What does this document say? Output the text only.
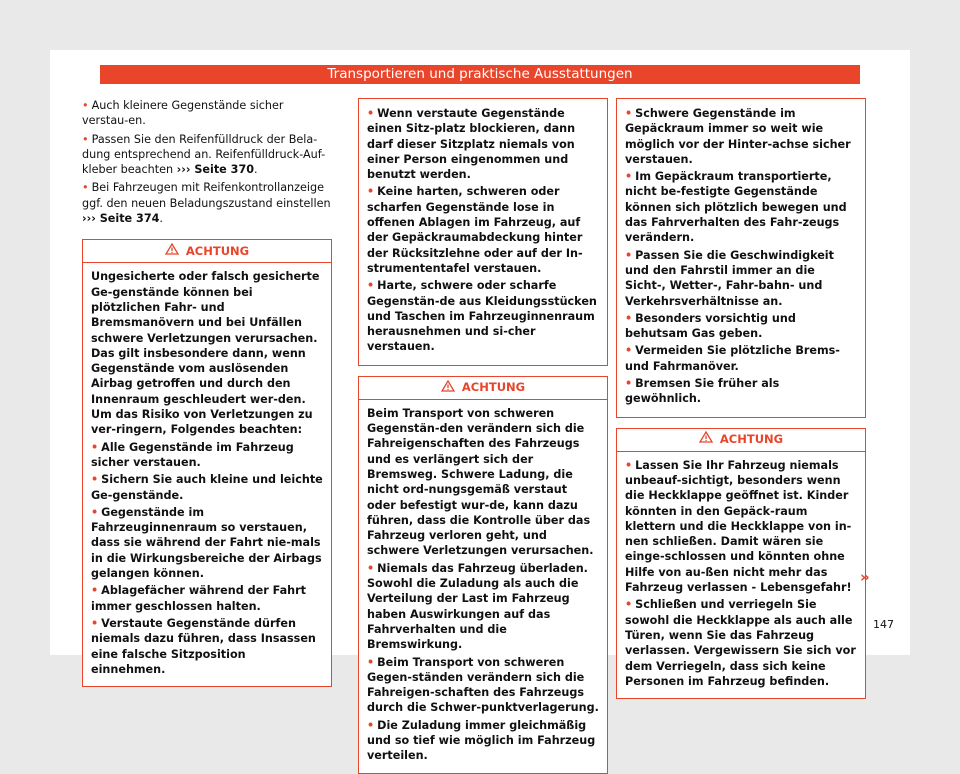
Transportieren und praktische Ausstattungen

• Auch kleinere Gegenstände sicher verstau-en.

• Passen Sie den Reifenfülldruck der Bela-dung entsprechend an. Reifenfülldruck-Auf-kleber beachten ››› Seite 370.

• Bei Fahrzeugen mit Reifenkontrollanzeige ggf. den neuen Beladungszustand einstellen ››› Seite 374.

ACHTUNG

Ungesicherte oder falsch gesicherte Ge-genstände können bei plötzlichen Fahr- und Bremsmanövern und bei Unfällen schwere Verletzungen verursachen. Das gilt insbesondere dann, wenn Gegenstände vom auslösenden Airbag getroffen und durch den Innenraum geschleudert wer-den. Um das Risiko von Verletzungen zu ver-ringern, Folgendes beachten:

• Alle Gegenstände im Fahrzeug sicher verstauen.

• Sichern Sie auch kleine und leichte Ge-genstände.

• Gegenstände im Fahrzeuginnenraum so verstauen, dass sie während der Fahrt nie-mals in die Wirkungsbereiche der Airbags gelangen können.

• Ablagefächer während der Fahrt immer geschlossen halten.

• Verstaute Gegenstände dürfen niemals dazu führen, dass Insassen eine falsche Sitzposition einnehmen.

• Wenn verstaute Gegenstände einen Sitz-platz blockieren, dann darf dieser Sitzplatz niemals von einer Person eingenommen und benutzt werden.

• Keine harten, schweren oder scharfen Gegenstände lose in offenen Ablagen im Fahrzeug, auf der Gepäckraumabdeckung hinter der Rücksitzlehne oder auf der In-strumententafel verstauen.

• Harte, schwere oder scharfe Gegenstän-de aus Kleidungsstücken und Taschen im Fahrzeuginnenraum herausnehmen und si-cher verstauen.

ACHTUNG

Beim Transport von schweren Gegenstän-den verändern sich die Fahreigenschaften des Fahrzeugs und es verlängert sich der Bremsweg. Schwere Ladung, die nicht ord-nungsgemäß verstaut oder befestigt wur-de, kann dazu führen, dass die Kontrolle über das Fahrzeug verloren geht, und schwere Verletzungen verursachen.

• Niemals das Fahrzeug überladen. Sowohl die Zuladung als auch die Verteilung der Last im Fahrzeug haben Auswirkungen auf das Fahrverhalten und die Bremswirkung.

• Beim Transport von schweren Gegen-ständen verändern sich die Fahreigen-schaften des Fahrzeugs durch die Schwer-punktverlagerung.

• Die Zuladung immer gleichmäßig und so tief wie möglich im Fahrzeug verteilen.

• Schwere Gegenstände im Gepäckraum immer so weit wie möglich vor der Hinter-achse sicher verstauen.

• Im Gepäckraum transportierte, nicht be-festigte Gegenstände können sich plötzlich bewegen und das Fahrverhalten des Fahr-zeugs verändern.

• Passen Sie die Geschwindigkeit und den Fahrstil immer an die Sicht-, Wetter-, Fahr-bahn- und Verkehrsverhältnisse an.

• Besonders vorsichtig und behutsam Gas geben.

• Vermeiden Sie plötzliche Brems- und Fahrmanöver.

• Bremsen Sie früher als gewöhnlich.

ACHTUNG

• Lassen Sie Ihr Fahrzeug niemals unbeauf-sichtigt, besonders wenn die Heckklappe geöffnet ist. Kinder könnten in den Gepäck-raum klettern und die Heckklappe von in-nen schließen. Damit wären sie einge-schlossen und könnten ohne Hilfe von au-ßen nicht mehr das Fahrzeug verlassen - Lebensgefahr!

• Schließen und verriegeln Sie sowohl die Heckklappe als auch alle Türen, wenn Sie das Fahrzeug verlassen. Vergewissern Sie sich vor dem Verriegeln, dass sich keine Personen im Fahrzeug befinden.

»
147
